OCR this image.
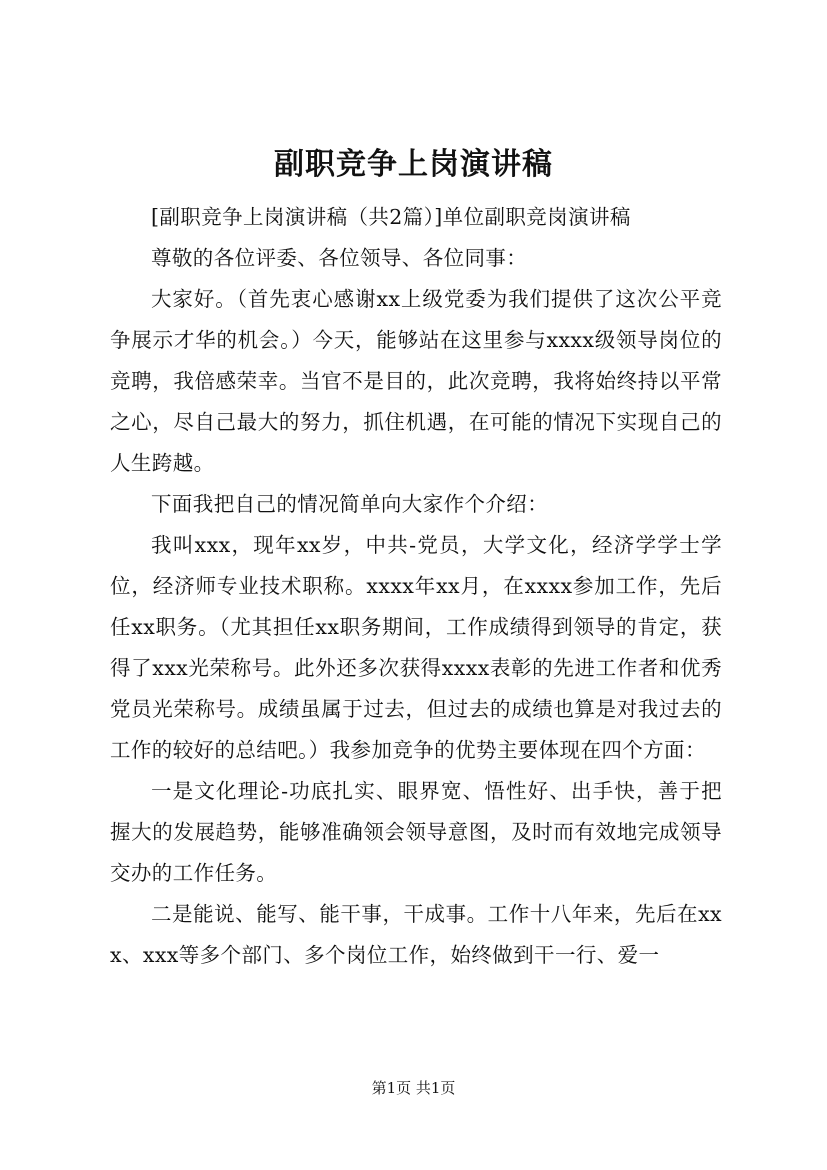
副职竞争上岗演讲稿

[副职竞争上岗演讲稿（共2篇）]单位副职竞岗演讲稿

尊敬的各位评委、各位领导、各位同事：

大家好。（首先衷心感谢xx上级党委为我们提供了这次公平竞争展示才华的机会。）今天，能够站在这里参与xxxx级领导岗位的竞聘，我倍感荣幸。当官不是目的，此次竞聘，我将始终持以平常之心，尽自己最大的努力，抓住机遇，在可能的情况下实现自己的人生跨越。

下面我把自己的情况简单向大家作个介绍：

我叫xxx，现年xx岁，中共-党员，大学文化，经济学学士学位，经济师专业技术职称。xxxx年xx月，在xxxx参加工作，先后任xx职务。（尤其担任xx职务期间，工作成绩得到领导的肯定，获得了xxx光荣称号。此外还多次获得xxxx表彰的先进工作者和优秀党员光荣称号。成绩虽属于过去，但过去的成绩也算是对我过去的工作的较好的总结吧。）我参加竞争的优势主要体现在四个方面：

一是文化理论-功底扎实、眼界宽、悟性好、出手快，善于把握大的发展趋势，能够准确领会领导意图，及时而有效地完成领导交办的工作任务。

二是能说、能写、能干事，干成事。工作十八年来，先后在xxx、xxx等多个部门、多个岗位工作，始终做到干一行、爱一

第1页 共1页
